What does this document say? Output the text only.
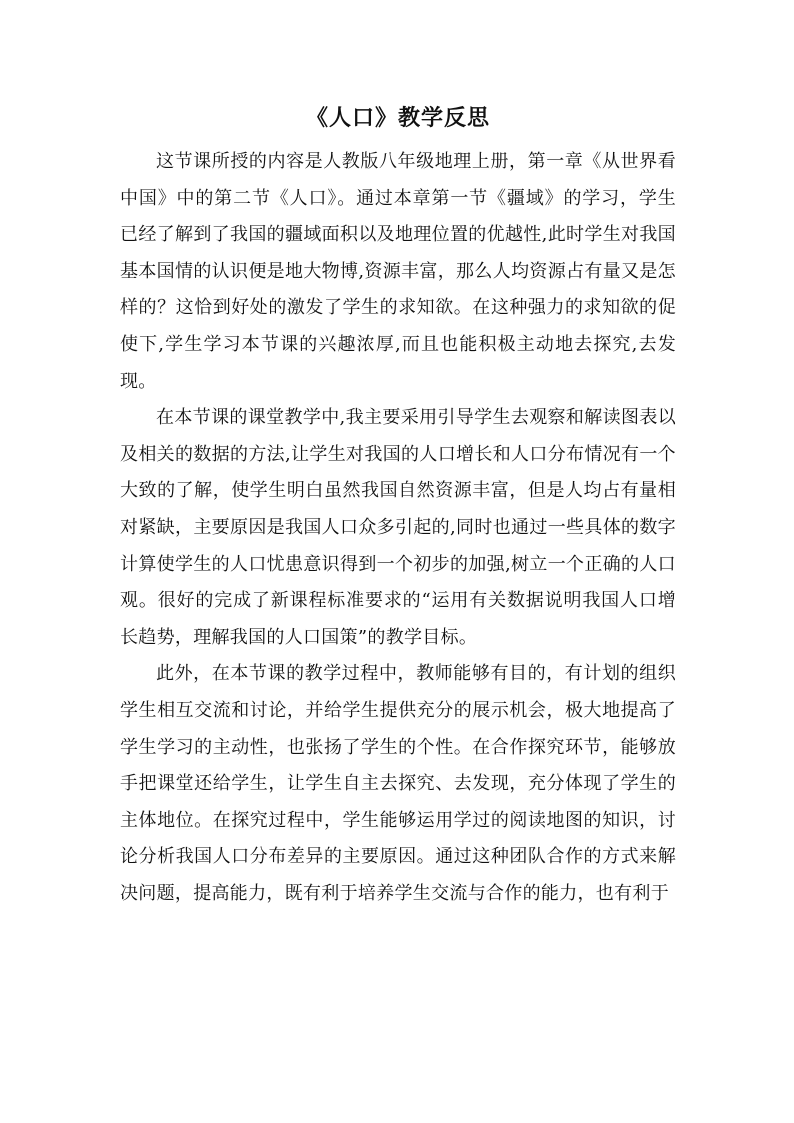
《人口》教学反思

这节课所授的内容是人教版八年级地理上册，第一章《从世界看中国》中的第二节《人口》。通过本章第一节《疆域》的学习，学生已经了解到了我国的疆域面积以及地理位置的优越性,此时学生对我国基本国情的认识便是地大物博,资源丰富，那么人均资源占有量又是怎样的？这恰到好处的激发了学生的求知欲。在这种强力的求知欲的促使下,学生学习本节课的兴趣浓厚,而且也能积极主动地去探究,去发现。

在本节课的课堂教学中,我主要采用引导学生去观察和解读图表以及相关的数据的方法,让学生对我国的人口增长和人口分布情况有一个大致的了解，使学生明白虽然我国自然资源丰富，但是人均占有量相对紧缺，主要原因是我国人口众多引起的,同时也通过一些具体的数字计算使学生的人口忧患意识得到一个初步的加强,树立一个正确的人口观。很好的完成了新课程标准要求的“运用有关数据说明我国人口增长趋势，理解我国的人口国策”的教学目标。

此外，在本节课的教学过程中，教师能够有目的，有计划的组织学生相互交流和讨论，并给学生提供充分的展示机会，极大地提高了学生学习的主动性，也张扬了学生的个性。在合作探究环节，能够放手把课堂还给学生，让学生自主去探究、去发现，充分体现了学生的主体地位。在探究过程中，学生能够运用学过的阅读地图的知识，讨论分析我国人口分布差异的主要原因。通过这种团队合作的方式来解决问题，提高能力，既有利于培养学生交流与合作的能力，也有利于
